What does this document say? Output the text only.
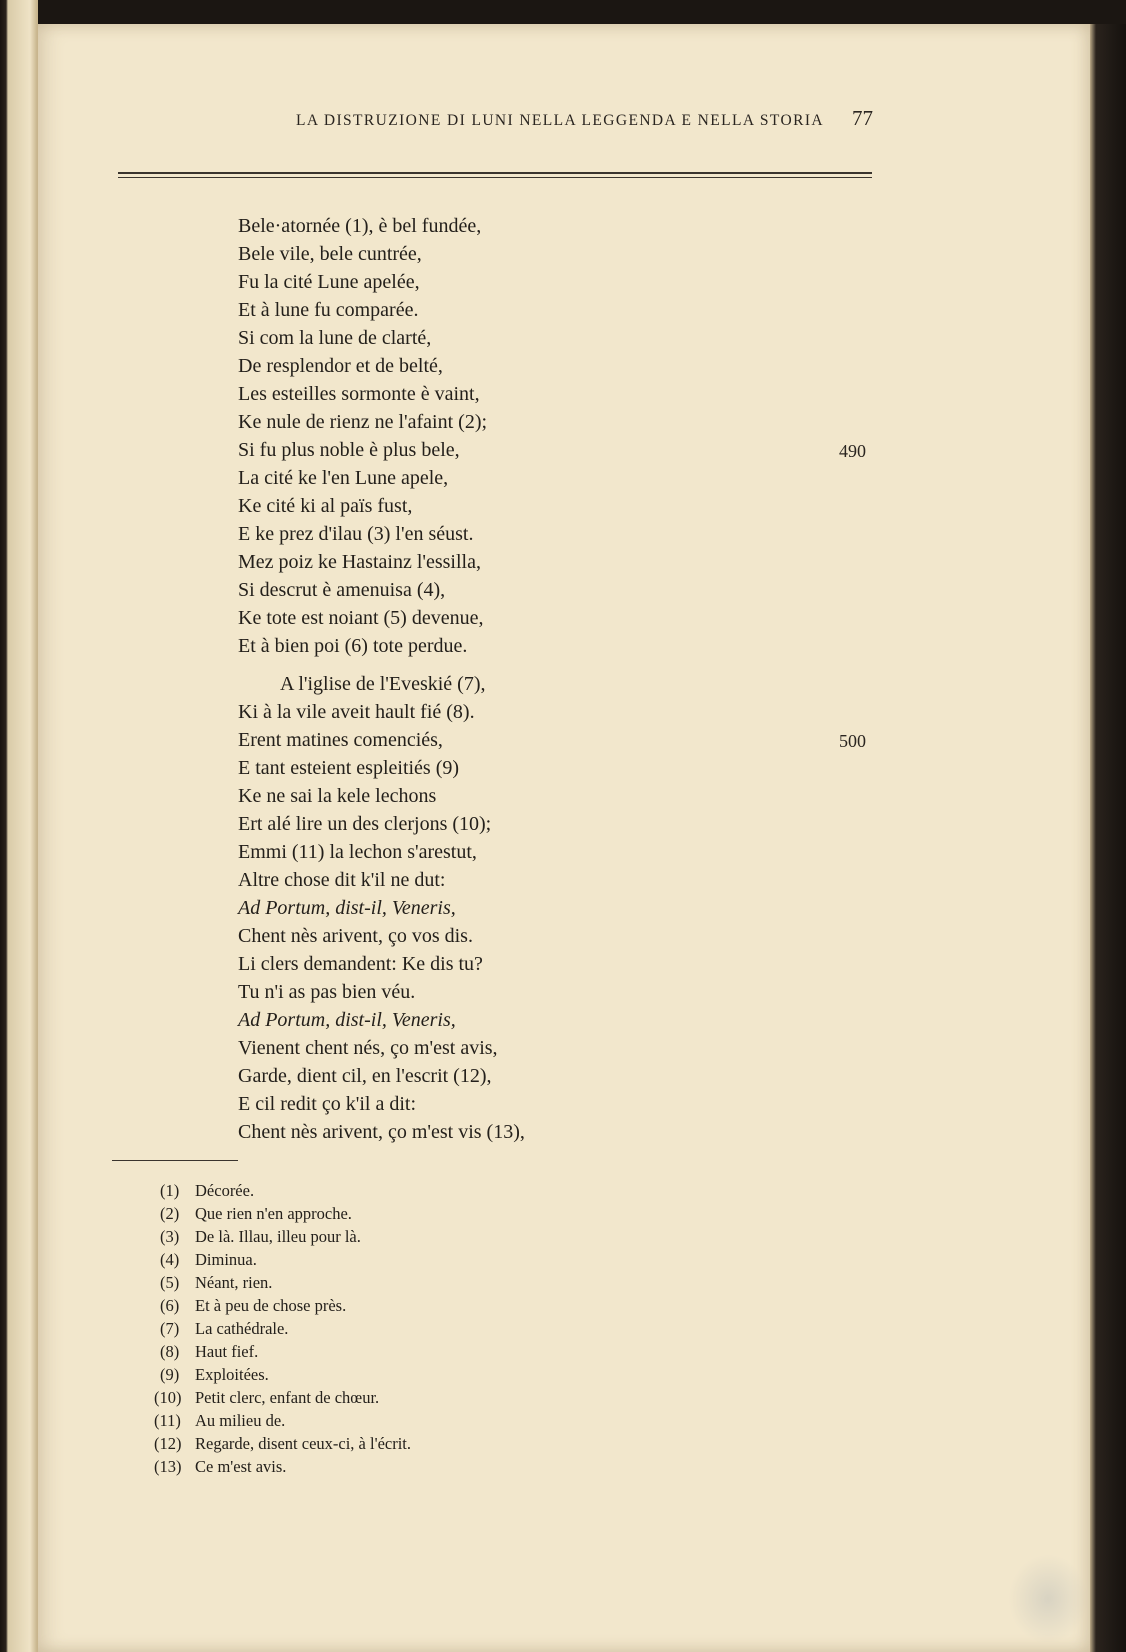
LA DISTRUZIONE DI LUNI NELLA LEGGENDA E NELLA STORIA	77
Bele·atornée (1), è bel fundée,
Bele vile, bele cuntrée,
Fu la cité Lune apelée,
Et à lune fu comparée.
Si com la lune de clarté,
De resplendor et de belté,
Les esteilles sormonte è vaint,
Ke nule de rienz ne l'afaint (2);
Si fu plus noble è plus bele,
La cité ke l'en Lune apele,
Ke cité ki al païs fust,
E ke prez d'ilau (3) l'en séust.
Mez poiz ke Hastainz l'essilla,
Si descrut è amenuisa (4),
Ke tote est noiant (5) devenue,
Et à bien poi (6) tote perdue.
A l'iglise de l'Eveskié (7),
Ki à la vile aveit hault fié (8).
Erent matines comenciés,
E tant esteient espleitiés (9)
Ke ne sai la kele lechons
Ert alé lire un des clerjons (10);
Emmi (11) la lechon s'arestut,
Altre chose dit k'il ne dut:
Ad Portum, dist-il, Veneris,
Chent nès arivent, ço vos dis.
Li clers demandent: Ke dis tu?
Tu n'i as pas bien véu.
Ad Portum, dist-il, Veneris,
Vienent chent nés, ço m'est avis,
Garde, dient cil, en l'escrit (12),
E cil redit ço k'il a dit:
Chent nès arivent, ço m'est vis (13),
490
500
(1) Décorée.
(2) Que rien n'en approche.
(3) De là. Illau, illeu pour là.
(4) Diminua.
(5) Néant, rien.
(6) Et à peu de chose près.
(7) La cathédrale.
(8) Haut fief.
(9) Exploitées.
(10) Petit clerc, enfant de chœur.
(11) Au milieu de.
(12) Regarde, disent ceux-ci, à l'écrit.
(13) Ce m'est avis.
